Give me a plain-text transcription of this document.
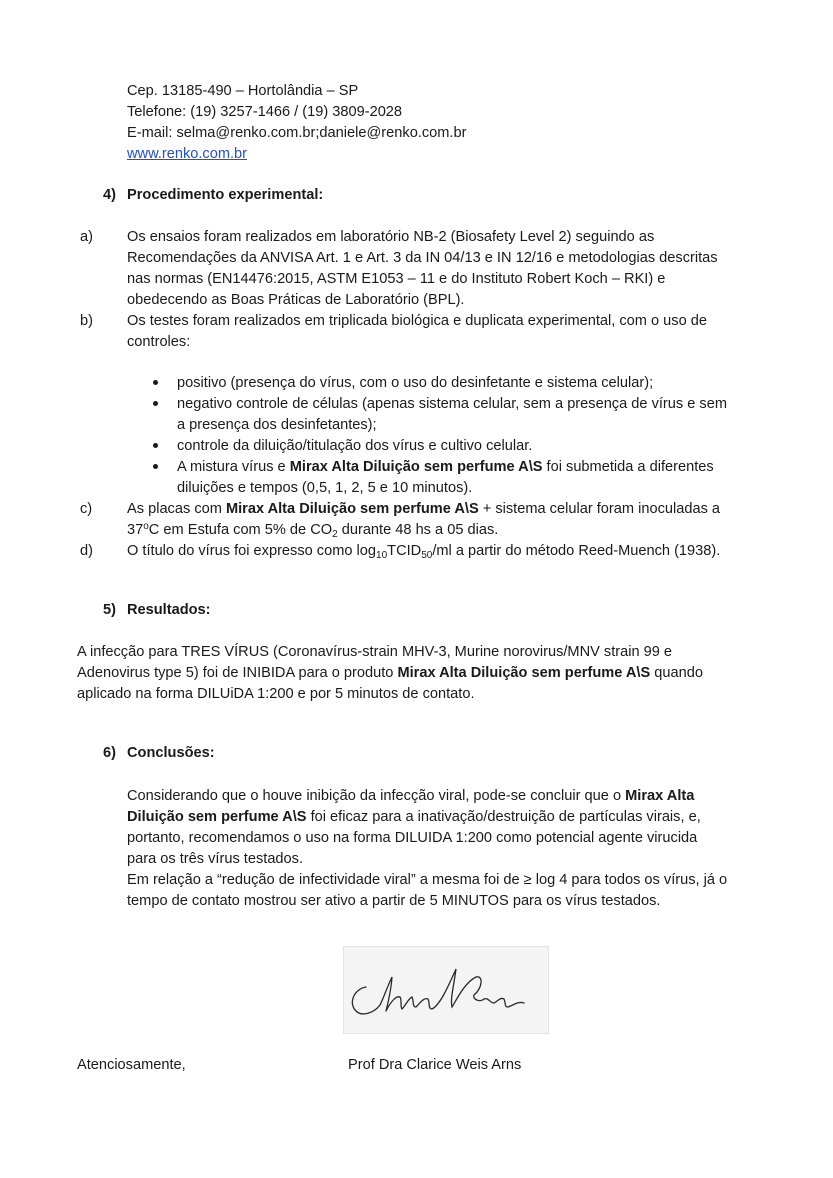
Cep. 13185-490 – Hortolândia – SP
Telefone: (19) 3257-1466 / (19) 3809-2028
E-mail: selma@renko.com.br;daniele@renko.com.br
www.renko.com.br
4) Procedimento experimental:
a) Os ensaios foram realizados em laboratório NB-2 (Biosafety Level 2) seguindo as
Recomendações da ANVISA Art. 1 e Art. 3 da IN 04/13 e IN 12/16 e metodologias descritas
nas normas (EN14476:2015, ASTM E1053 – 11 e do Instituto Robert Koch – RKI) e
obedecendo as Boas Práticas de Laboratório (BPL).
b) Os testes foram realizados em triplicada biológica e duplicata experimental, com o uso de
controles:
positivo (presença do vírus, com o uso do desinfetante e sistema celular);
negativo controle de células (apenas sistema celular, sem a presença de vírus e sem
a presença dos desinfetantes);
controle da diluição/titulação dos vírus e cultivo celular.
A mistura vírus e Mirax Alta Diluição sem perfume A\S foi submetida a diferentes
diluições e tempos (0,5, 1, 2, 5 e 10 minutos).
c) As placas com Mirax Alta Diluição sem perfume A\S + sistema celular foram inoculadas a
37$^o$C em Estufa com 5% de $CO_2$ durante 48 hs a 05 dias.
d) O título do vírus foi expresso como $\log_{10}TCID_{50}/ml$ a partir do método Reed-Muench (1938).
5) Resultados:
A infecção para TRES VÍRUS (Coronavírus-strain MHV-3, Murine norovirus/MNV strain 99 e
Adenovirus type 5) foi de INIBIDA para o produto Mirax Alta Diluição sem perfume A\S quando
aplicado na forma DILUiDA 1:200 e por 5 minutos de contato.
6) Conclusões:
Considerando que o houve inibição da infecção viral, pode-se concluir que o Mirax Alta
Diluição sem perfume A\S foi eficaz para a inativação/destruição de partículas virais, e,
portanto, recomendamos o uso na forma DILUIDA 1:200 como potencial agente virucida
para os três vírus testados.
Em relação a “redução de infectividade viral” a mesma foi de ≥ log 4 para todos os vírus, já o
tempo de contato mostrou ser ativo a partir de 5 MINUTOS para os vírus testados.
Atenciosamente,	Prof Dra Clarice Weis Arns
